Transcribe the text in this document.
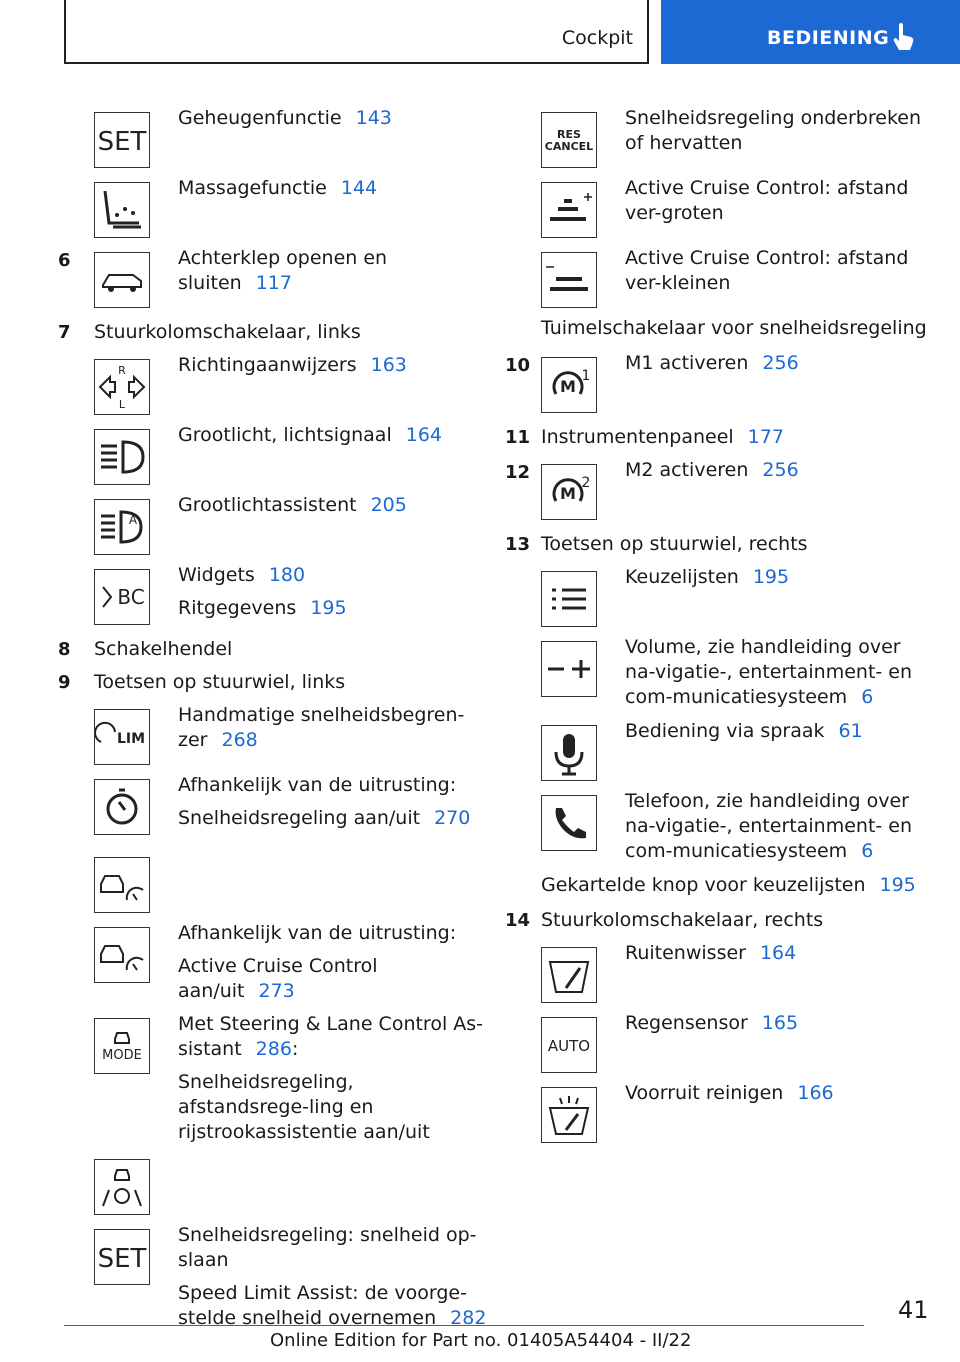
Cockpit	BEDIENING
SET
Geheugenfunctie 143
Massagefunctie 144
6	Achterklep openen en sluiten 117
7	Stuurkolomschakelaar, links
R
L
Richtingaanwijzers 163
Grootlicht, lichtsignaal 164
A
Grootlichtassistent 205
BC

Widgets 180

Ritgegevens 195

8	Schakelhendel
9	Toetsen op stuurwiel, links
LIM
Handmatige snelheidsbegren-zer 268

Afhankelijk van de uitrusting:

Snelheidsregeling aan/uit 270

Afhankelijk van de uitrusting:

Active Cruise Control aan/uit 273

MODE

Met Steering & Lane Control As-sistant 286:

Snelheidsregeling, afstandsrege-ling en rijstrookassistentie aan/uit

SET

Snelheidsregeling: snelheid op-slaan

Speed Limit Assist: de voorge-stelde snelheid overnemen 282

RES
CANCEL
Snelheidsregeling onderbreken of hervatten
Active Cruise Control: afstand ver-groten
Active Cruise Control: afstand ver-kleinen
Tuimelschakelaar voor snelheidsregeling
10
M
1
M1 activeren 256
11 Instrumentenpaneel 177
12
M
2
M2 activeren 256
13 Toetsen op stuurwiel, rechts
Keuzelijsten 195
Volume, zie handleiding over na-vigatie-, entertainment- en com-municatiesysteem 6
Bediening via spraak 61
Telefoon, zie handleiding over na-vigatie-, entertainment- en com-municatiesysteem 6
Gekartelde knop voor keuzelijsten 195
14 Stuurkolomschakelaar, rechts
Ruitenwisser 164
AUTO
Regensensor 165
Voorruit reinigen 166
41
Online Edition for Part no. 01405A54404 - II/22
